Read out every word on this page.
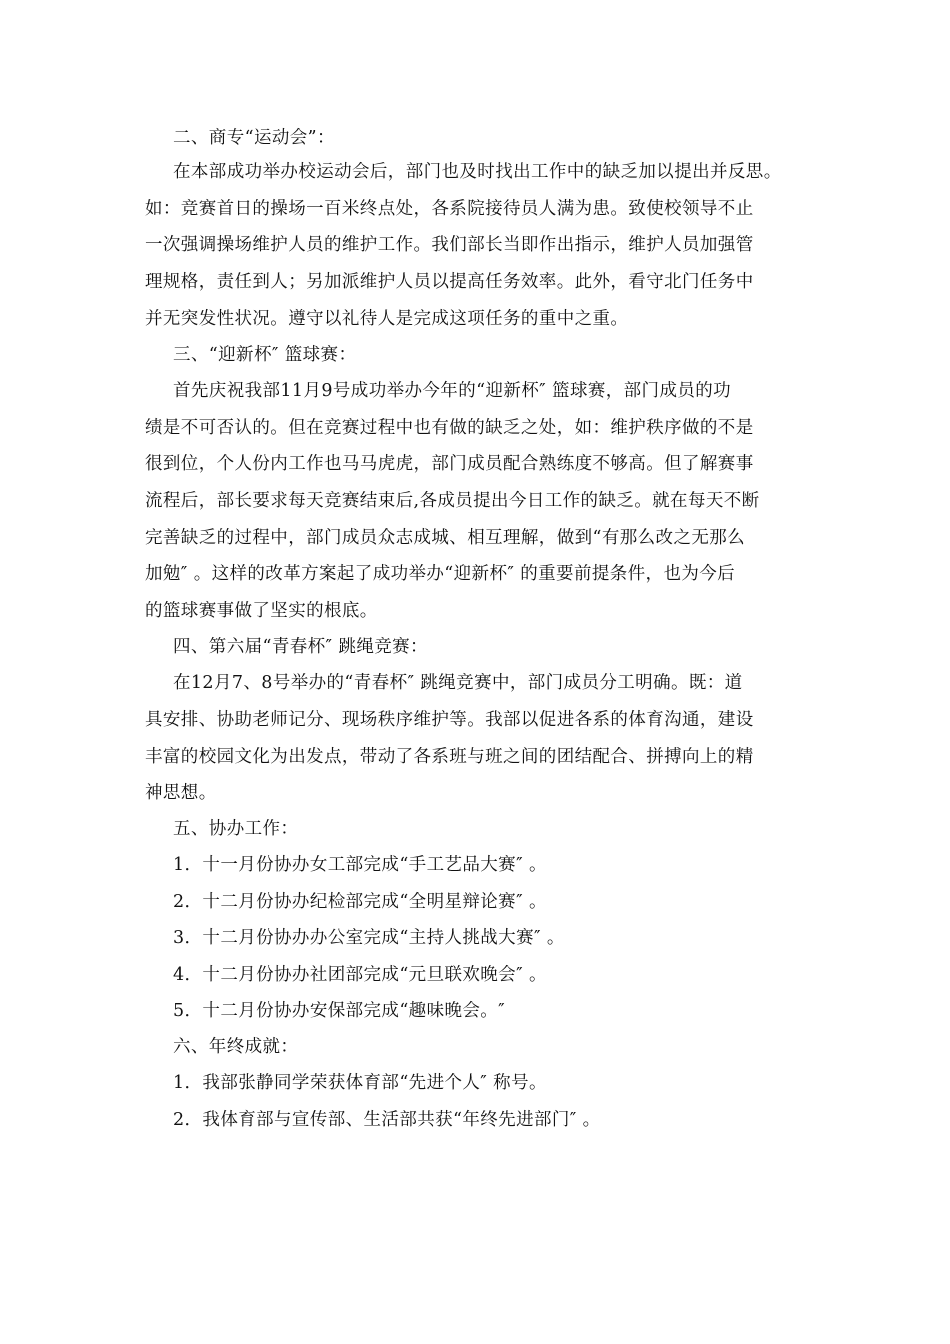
二、商专“运动会”：

在本部成功举办校运动会后，部门也及时找出工作中的缺乏加以提出并反思。

如：竞赛首日的操场一百米终点处，各系院接待员人满为患。致使校领导不止

一次强调操场维护人员的维护工作。我们部长当即作出指示，维护人员加强管

理规格，责任到人；另加派维护人员以提高任务效率。此外，看守北门任务中

并无突发性状况。遵守以礼待人是完成这项任务的重中之重。

三、“迎新杯″ 篮球赛：

首先庆祝我部11月9号成功举办今年的“迎新杯″ 篮球赛，部门成员的功

绩是不可否认的。但在竞赛过程中也有做的缺乏之处，如：维护秩序做的不是

很到位，个人份内工作也马马虎虎，部门成员配合熟练度不够高。但了解赛事

流程后，部长要求每天竞赛结束后,各成员提出今日工作的缺乏。就在每天不断

完善缺乏的过程中，部门成员众志成城、相互理解，做到“有那么改之无那么

加勉″ 。这样的改革方案起了成功举办“迎新杯″ 的重要前提条件，也为今后

的篮球赛事做了坚实的根底。

四、第六届“青春杯″ 跳绳竞赛：

在12月7、8号举办的“青春杯″ 跳绳竞赛中，部门成员分工明确。既：道

具安排、协助老师记分、现场秩序维护等。我部以促进各系的体育沟通，建设

丰富的校园文化为出发点，带动了各系班与班之间的团结配合、拼搏向上的精

神思想。

五、协办工作：

1．十一月份协办女工部完成“手工艺品大赛″ 。

2．十二月份协办纪检部完成“全明星辩论赛″ 。

3．十二月份协办办公室完成“主持人挑战大赛″ 。

4．十二月份协办社团部完成“元旦联欢晚会″ 。

5．十二月份协办安保部完成“趣味晚会。″

六、年终成就：

1．我部张静同学荣获体育部“先进个人″ 称号。

2．我体育部与宣传部、生活部共获“年终先进部门″ 。
